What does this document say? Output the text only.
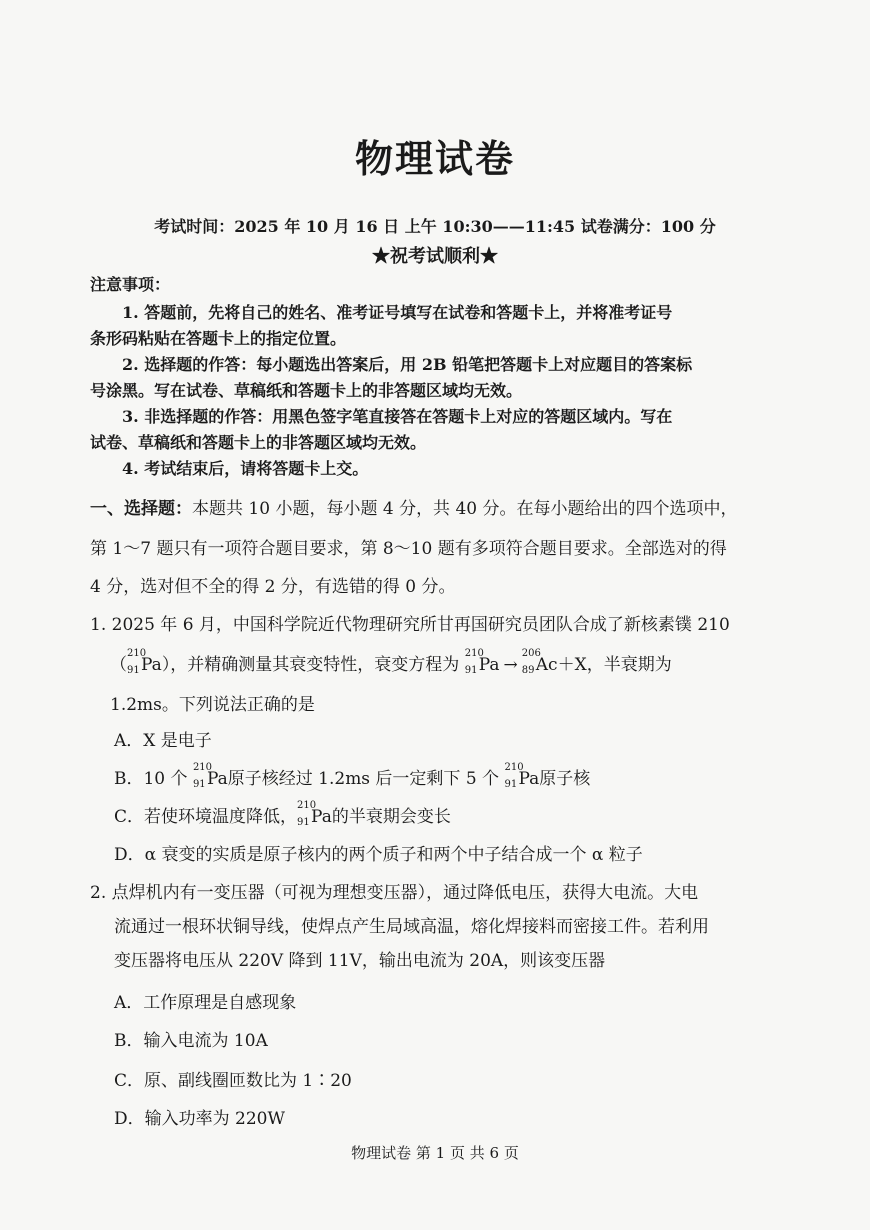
物理试卷
考试时间：2025 年 10 月 16 日 上午 10:30——11:45 试卷满分：100 分
★祝考试顺利★
注意事项：
1. 答题前，先将自己的姓名、准考证号填写在试卷和答题卡上，并将准考证号
条形码粘贴在答题卡上的指定位置。
2. 选择题的作答：每小题选出答案后，用 2B 铅笔把答题卡上对应题目的答案标
号涂黑。写在试卷、草稿纸和答题卡上的非答题区域均无效。
3. 非选择题的作答：用黑色签字笔直接答在答题卡上对应的答题区域内。写在
试卷、草稿纸和答题卡上的非答题区域均无效。
4. 考试结束后，请将答题卡上交。
一、选择题：本题共 10 小题，每小题 4 分，共 40 分。在每小题给出的四个选项中，
第 1～7 题只有一项符合题目要求，第 8～10 题有多项符合题目要求。全部选对的得
4 分，选对但不全的得 2 分，有选错的得 0 分。
1. 2025 年 6 月，中国科学院近代物理研究所甘再国研究员团队合成了新核素镤 210
（
210
91 Pa），并精确测量其衰变特性，衰变方程为
210
91 Pa →
206
89 Ac＋X，半衰期为
1.2ms。下列说法正确的是
A．X 是电子
B．10 个
210
91 Pa原子核经过 1.2ms 后一定剩下 5 个
210
91 Pa原子核
C．若使环境温度降低，
210
91 Pa的半衰期会变长
D．α 衰变的实质是原子核内的两个质子和两个中子结合成一个 α 粒子
2. 点焊机内有一变压器（可视为理想变压器），通过降低电压，获得大电流。大电
流通过一根环状铜导线，使焊点产生局域高温，熔化焊接料而密接工件。若利用
变压器将电压从 220V 降到 11V，输出电流为 20A，则该变压器
A．工作原理是自感现象
B．输入电流为 10A
C．原、副线圈匝数比为 1∶20
D．输入功率为 220W
物理试卷 第 1 页 共 6 页
